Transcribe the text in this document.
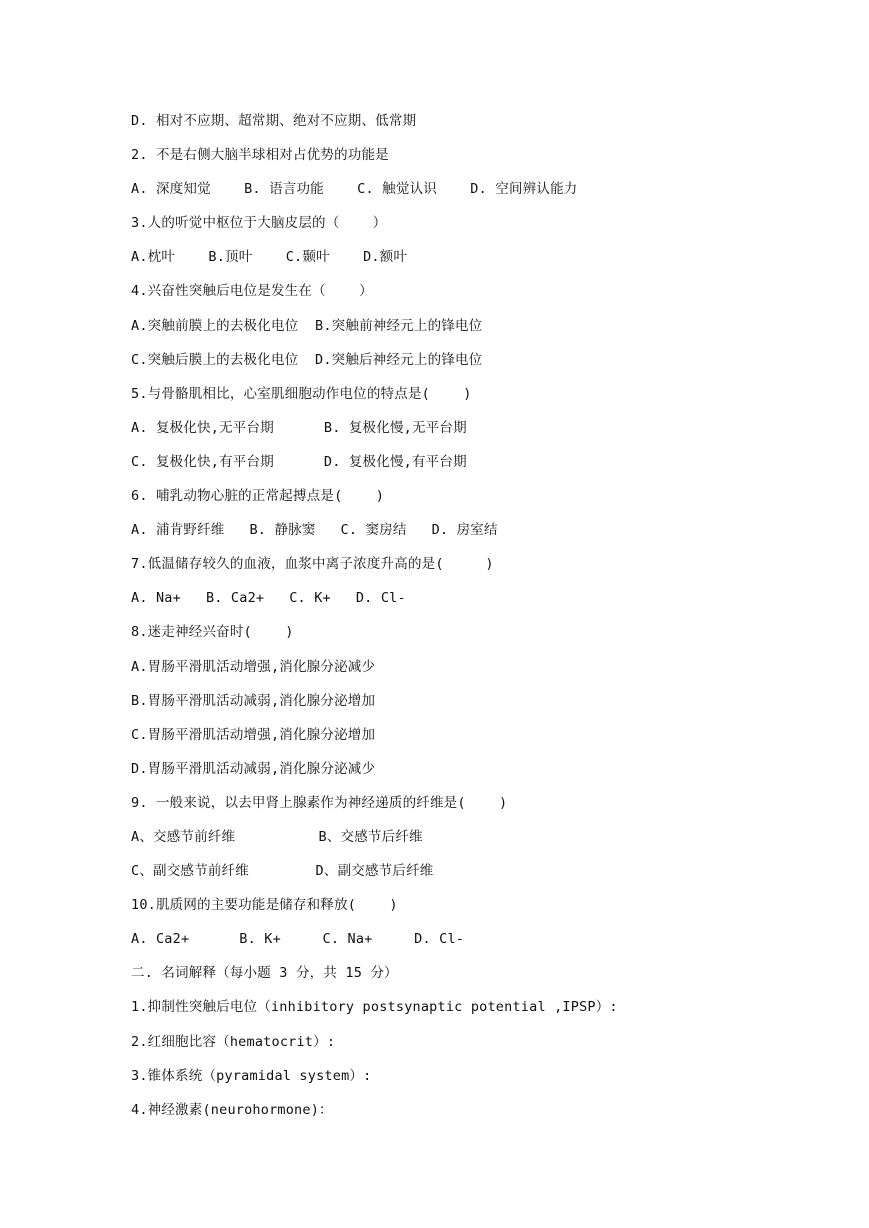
D. 相对不应期、超常期、绝对不应期、低常期
2. 不是右侧大脑半球相对占优势的功能是
A. 深度知觉    B. 语言功能    C. 触觉认识    D. 空间辨认能力
3.人的听觉中枢位于大脑皮层的（    ）
A.枕叶    B.顶叶    C.颞叶    D.额叶
4.兴奋性突触后电位是发生在（    ）
A.突触前膜上的去极化电位  B.突触前神经元上的锋电位
C.突触后膜上的去极化电位  D.突触后神经元上的锋电位
5.与骨骼肌相比，心室肌细胞动作电位的特点是(    )
A. 复极化快,无平台期      B. 复极化慢,无平台期
C. 复极化快,有平台期      D. 复极化慢,有平台期
6. 哺乳动物心脏的正常起搏点是(    )
A. 浦肯野纤维   B. 静脉窦   C. 窦房结   D. 房室结
7.低温储存较久的血液，血浆中离子浓度升高的是(     )
A. Na+   B. Ca2+   C. K+   D. Cl-
8.迷走神经兴奋时(    )
A.胃肠平滑肌活动增强,消化腺分泌减少
B.胃肠平滑肌活动减弱,消化腺分泌增加
C.胃肠平滑肌活动增强,消化腺分泌增加
D.胃肠平滑肌活动减弱,消化腺分泌减少
9. 一般来说，以去甲肾上腺素作为神经递质的纤维是(    )
A、交感节前纤维          B、交感节后纤维
C、副交感节前纤维        D、副交感节后纤维
10.肌质网的主要功能是储存和释放(    )
A. Ca2+      B. K+     C. Na+     D. Cl-
二. 名词解释（每小题 3 分，共 15 分）
1.抑制性突触后电位（inhibitory postsynaptic potential ,IPSP）:
2.红细胞比容（hematocrit）:
3.锥体系统（pyramidal system）:
4.神经激素(neurohormone)：
